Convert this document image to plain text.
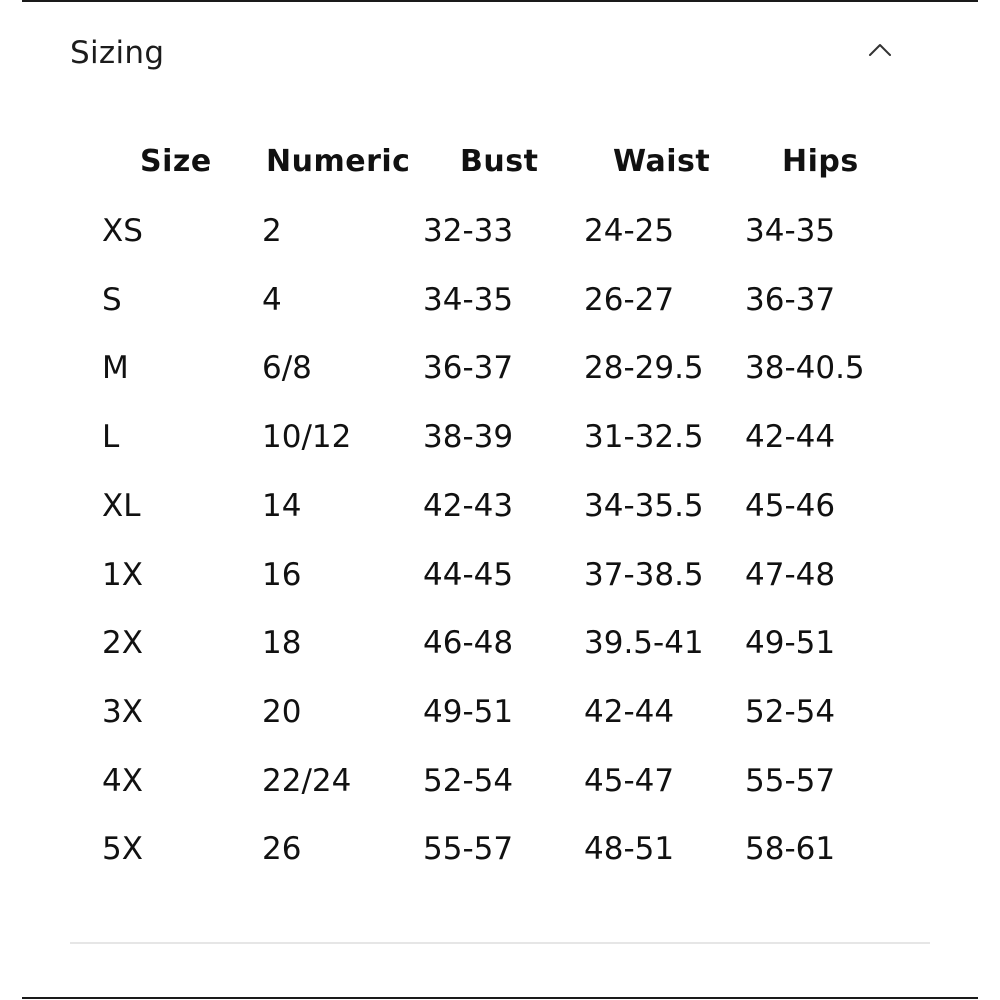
Sizing
Size Numeric Bust Waist Hips
XS	2	32-33 24-25 34-35
S	4	34-35 26-27 36-37
M	6/8	36-37 28-29.5 38-40.5
L	10/12 38-39 31-32.5 42-44
XL	14	42-43 34-35.5 45-46
1X	16	44-45 37-38.5 47-48
2X	18	46-48 39.5-41 49-51
3X	20	49-51 42-44 52-54
4X	22/24 52-54 45-47 55-57
5X	26	55-57 48-51 58-61
